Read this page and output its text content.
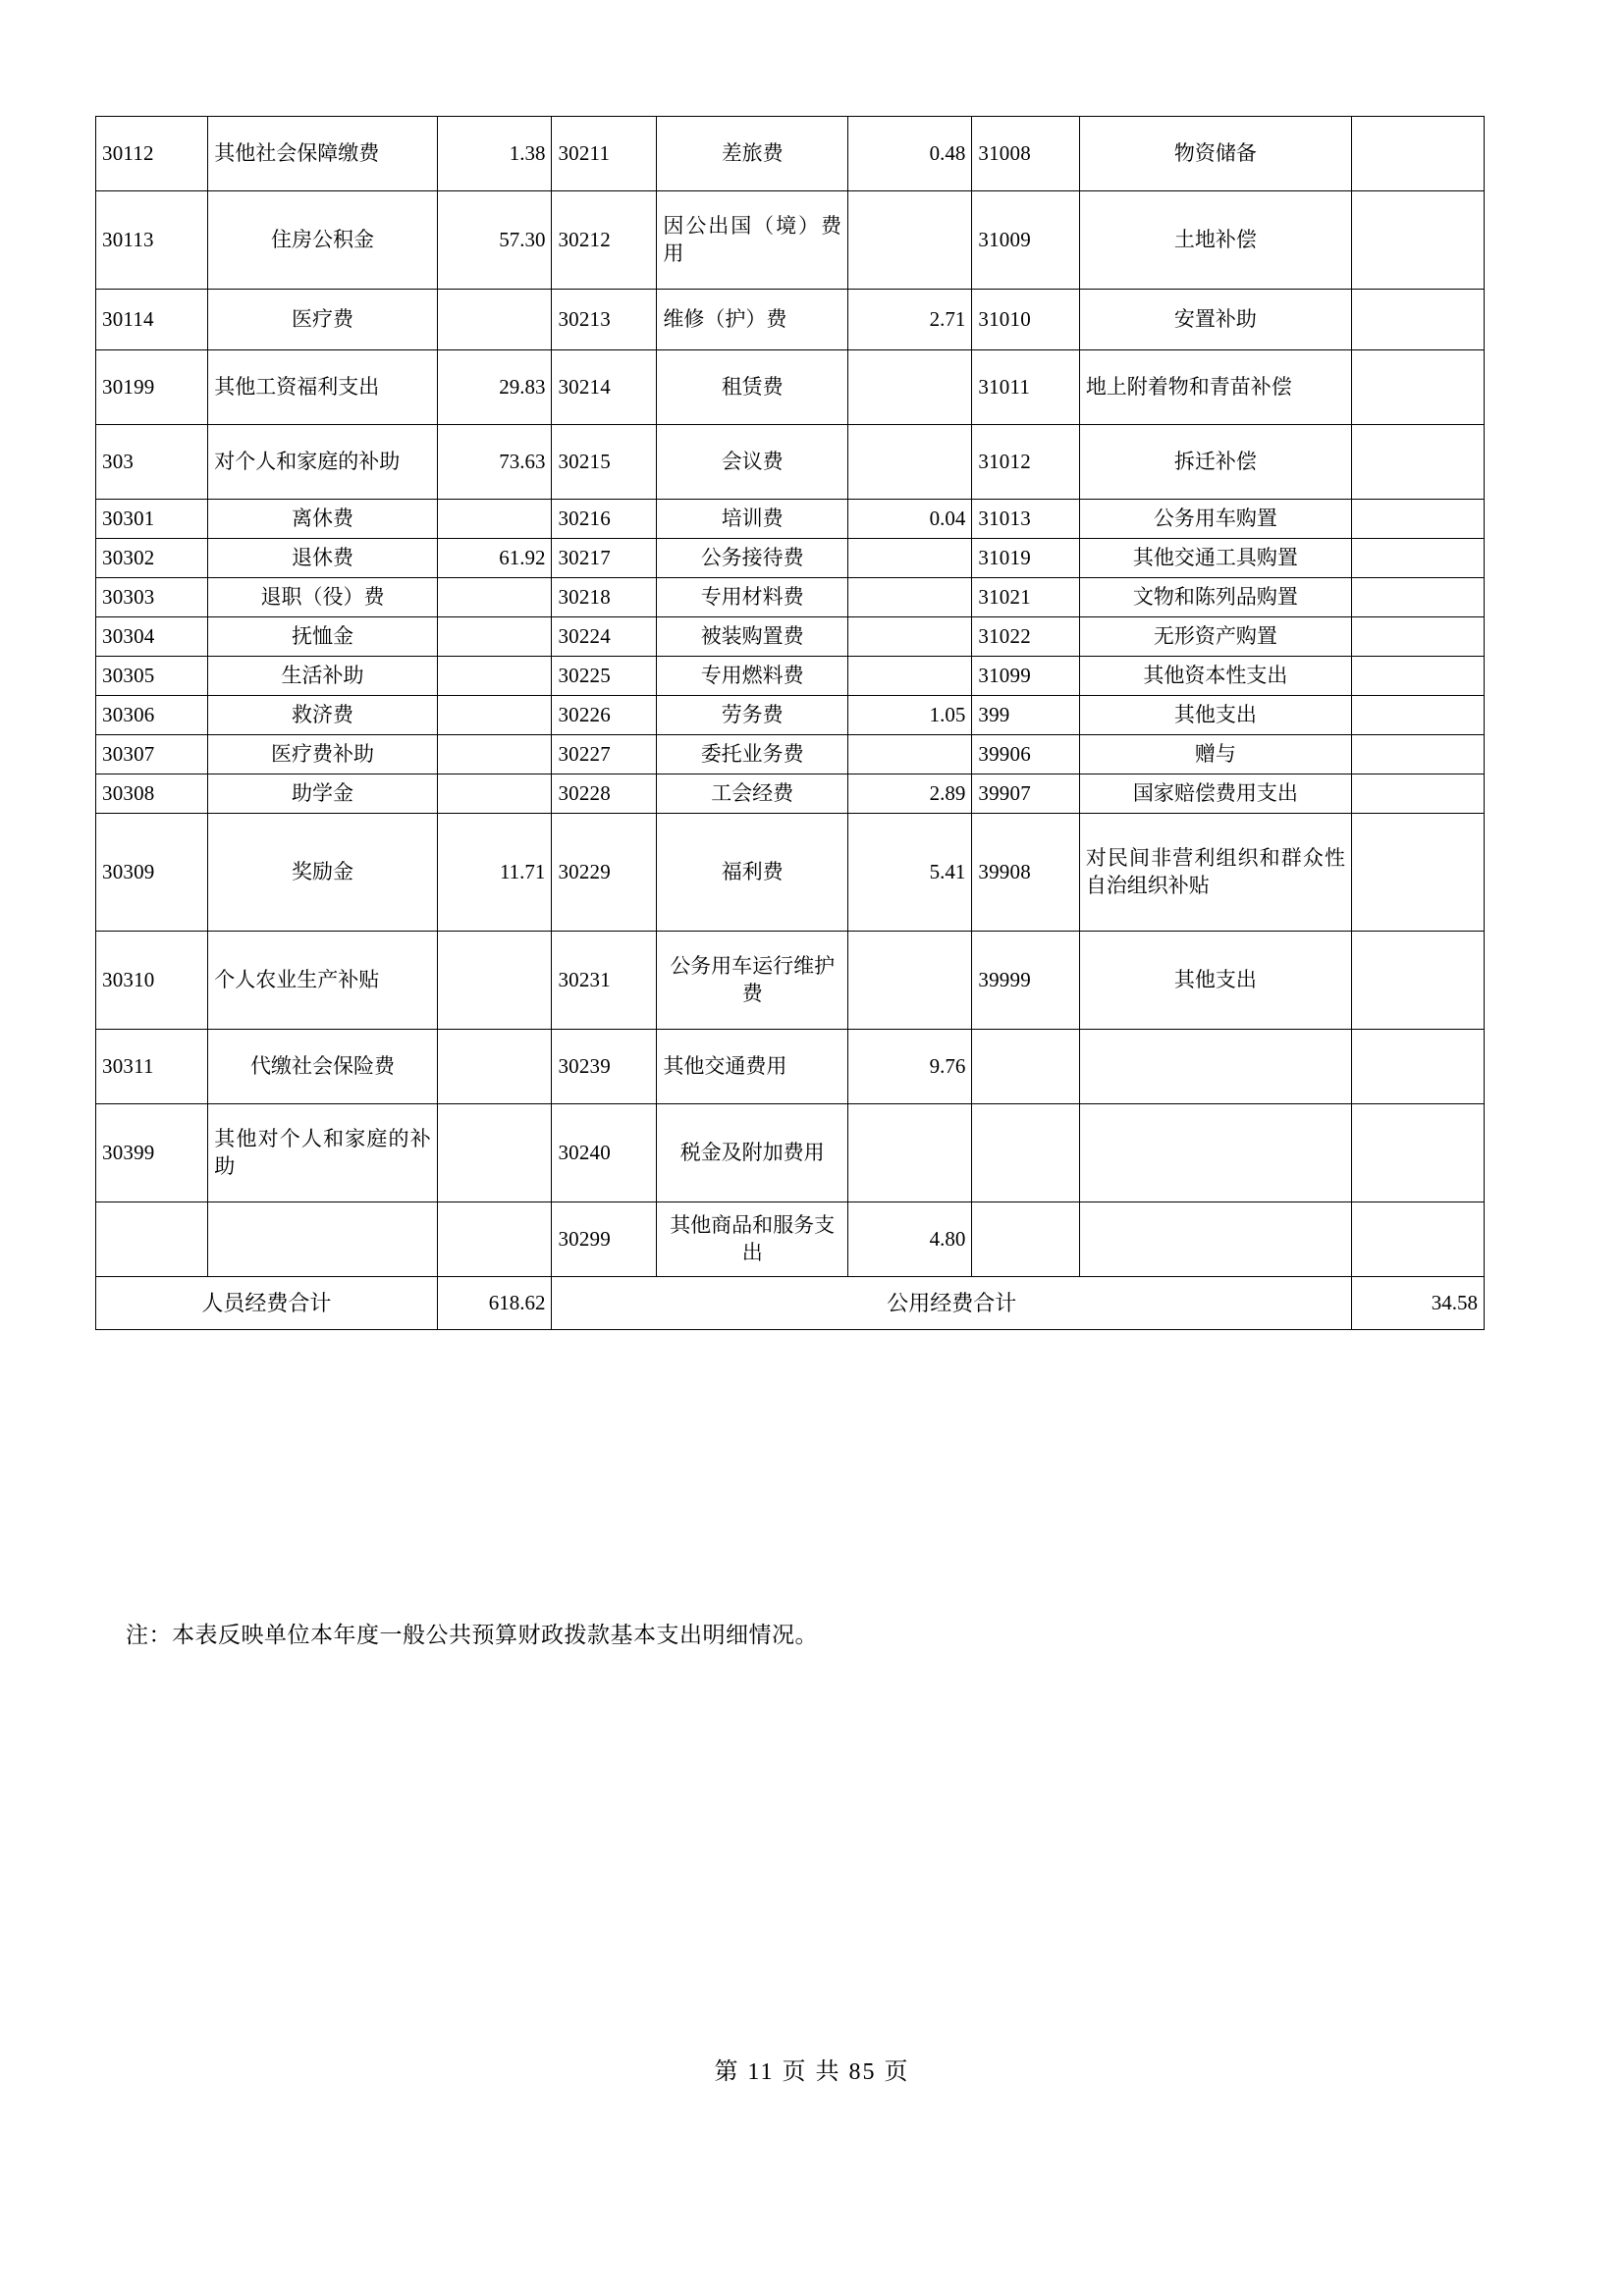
30112	其他社会保障缴费	1.38	30211	差旅费	0.48	31008	物资储备	
30113	住房公积金	57.30	30212	因公出国（境）费用		31009	土地补偿	
30114	医疗费		30213	维修（护）费	2.71	31010	安置补助	
30199	其他工资福利支出	29.83	30214	租赁费		31011	地上附着物和青苗补偿	
303	对个人和家庭的补助	73.63	30215	会议费		31012	拆迁补偿	
30301	离休费		30216	培训费	0.04	31013	公务用车购置	
30302	退休费	61.92	30217	公务接待费		31019	其他交通工具购置	
30303	退职（役）费		30218	专用材料费		31021	文物和陈列品购置	
30304	抚恤金		30224	被装购置费		31022	无形资产购置	
30305	生活补助		30225	专用燃料费		31099	其他资本性支出	
30306	救济费		30226	劳务费	1.05	399	其他支出	
30307	医疗费补助		30227	委托业务费		39906	赠与	
30308	助学金		30228	工会经费	2.89	39907	国家赔偿费用支出	
30309	奖励金	11.71	30229	福利费	5.41	39908	对民间非营利组织和群众性自治组织补贴	
30310	个人农业生产补贴		30231	公务用车运行维护费		39999	其他支出	
30311	代缴社会保险费		30239	其他交通费用	9.76			
30399	其他对个人和家庭的补助		30240	税金及附加费用				
			30299	其他商品和服务支出	4.80			
人员经费合计		618.62	公用经费合计					34.58
注：本表反映单位本年度一般公共预算财政拨款基本支出明细情况。
第 11 页 共 85 页
